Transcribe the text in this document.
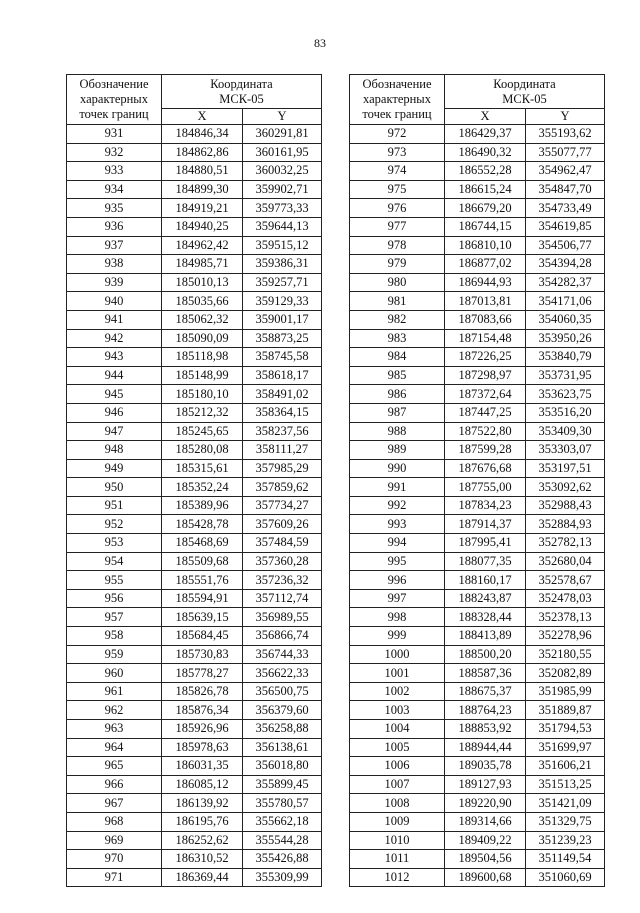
83
Обозначение
характерных
точек границ	Координата
МСК-05	
	X	Y
931	184846,34	360291,81
932	184862,86	360161,95
933	184880,51	360032,25
934	184899,30	359902,71
935	184919,21	359773,33
936	184940,25	359644,13
937	184962,42	359515,12
938	184985,71	359386,31
939	185010,13	359257,71
940	185035,66	359129,33
941	185062,32	359001,17
942	185090,09	358873,25
943	185118,98	358745,58
944	185148,99	358618,17
945	185180,10	358491,02
946	185212,32	358364,15
947	185245,65	358237,56
948	185280,08	358111,27
949	185315,61	357985,29
950	185352,24	357859,62
951	185389,96	357734,27
952	185428,78	357609,26
953	185468,69	357484,59
954	185509,68	357360,28
955	185551,76	357236,32
956	185594,91	357112,74
957	185639,15	356989,55
958	185684,45	356866,74
959	185730,83	356744,33
960	185778,27	356622,33
961	185826,78	356500,75
962	185876,34	356379,60
963	185926,96	356258,88
964	185978,63	356138,61
965	186031,35	356018,80
966	186085,12	355899,45
967	186139,92	355780,57
968	186195,76	355662,18
969	186252,62	355544,28
970	186310,52	355426,88
971	186369,44	355309,99
Обозначение
характерных
точек границ	Координата
МСК-05	
	X	Y
972	186429,37	355193,62
973	186490,32	355077,77
974	186552,28	354962,47
975	186615,24	354847,70
976	186679,20	354733,49
977	186744,15	354619,85
978	186810,10	354506,77
979	186877,02	354394,28
980	186944,93	354282,37
981	187013,81	354171,06
982	187083,66	354060,35
983	187154,48	353950,26
984	187226,25	353840,79
985	187298,97	353731,95
986	187372,64	353623,75
987	187447,25	353516,20
988	187522,80	353409,30
989	187599,28	353303,07
990	187676,68	353197,51
991	187755,00	353092,62
992	187834,23	352988,43
993	187914,37	352884,93
994	187995,41	352782,13
995	188077,35	352680,04
996	188160,17	352578,67
997	188243,87	352478,03
998	188328,44	352378,13
999	188413,89	352278,96
1000	188500,20	352180,55
1001	188587,36	352082,89
1002	188675,37	351985,99
1003	188764,23	351889,87
1004	188853,92	351794,53
1005	188944,44	351699,97
1006	189035,78	351606,21
1007	189127,93	351513,25
1008	189220,90	351421,09
1009	189314,66	351329,75
1010	189409,22	351239,23
1011	189504,56	351149,54
1012	189600,68	351060,69
